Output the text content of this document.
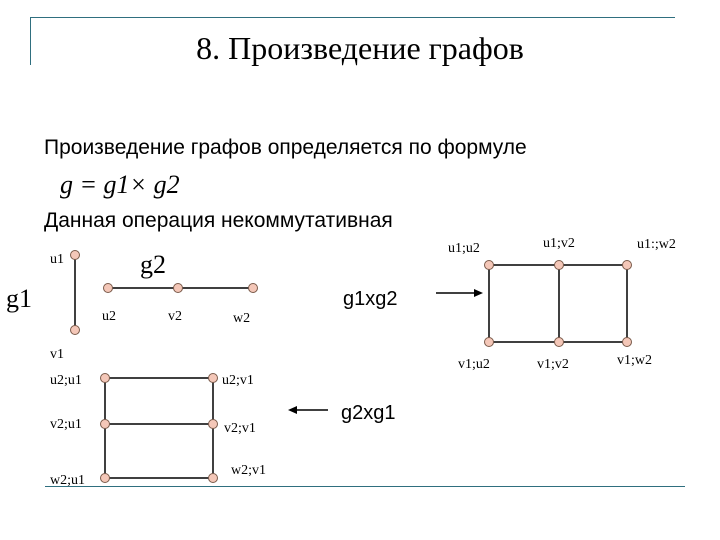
8. Произведение графов
Произведение графов определяется по формуле
g = g1× g2
Данная операция некоммутативная
u1
v1
g1
u2	v2	w2
g2
g1xg2
u1;u2	u1;v2	u1:;w2
v1;u2	v1;v2	v1;w2
g2xg1
u2;u1
v2;u1
w2;u1
u2;v1
v2;v1
w2;v1
